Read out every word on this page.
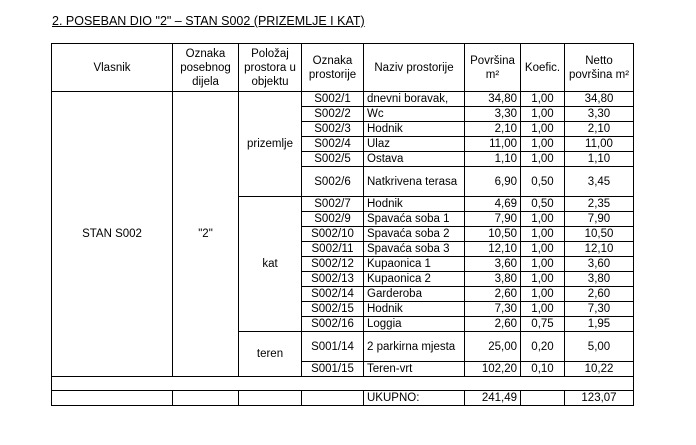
2. POSEBAN DIO "2" – STAN S002 (PRIZEMLJE I KAT)
Vlasnik	Oznaka posebnog dijela	Položaj prostora u objektu	Oznaka prostorije	Naziv prostorije	Površina m²	Koefic.	Netto površina m²
STAN S002	"2"	prizemlje	S002/1	dnevni boravak,	34,80	1,00	34,80
			S002/2	Wc	3,30	1,00	3,30
			S002/3	Hodnik	2,10	1,00	2,10
			S002/4	Ulaz	11,00	1,00	11,00
			S002/5	Ostava	1,10	1,00	1,10
			S002/6	Natkrivena terasa	6,90	0,50	3,45
		kat	S002/7	Hodnik	4,69	0,50	2,35
			S002/9	Spavaća soba 1	7,90	1,00	7,90
			S002/10	Spavaća soba 2	10,50	1,00	10,50
			S002/11	Spavaća soba 3	12,10	1,00	12,10
			S002/12	Kupaonica 1	3,60	1,00	3,60
			S002/13	Kupaonica 2	3,80	1,00	3,80
			S002/14	Garderoba	2,60	1,00	2,60
			S002/15	Hodnik	7,30	1,00	7,30
			S002/16	Loggia	2,60	0,75	1,95
		teren	S001/14	2 parkirna mjesta	25,00	0,20	5,00
			S001/15	Teren-vrt	102,20	0,10	10,22

				UKUPNO:	241,49		123,07
